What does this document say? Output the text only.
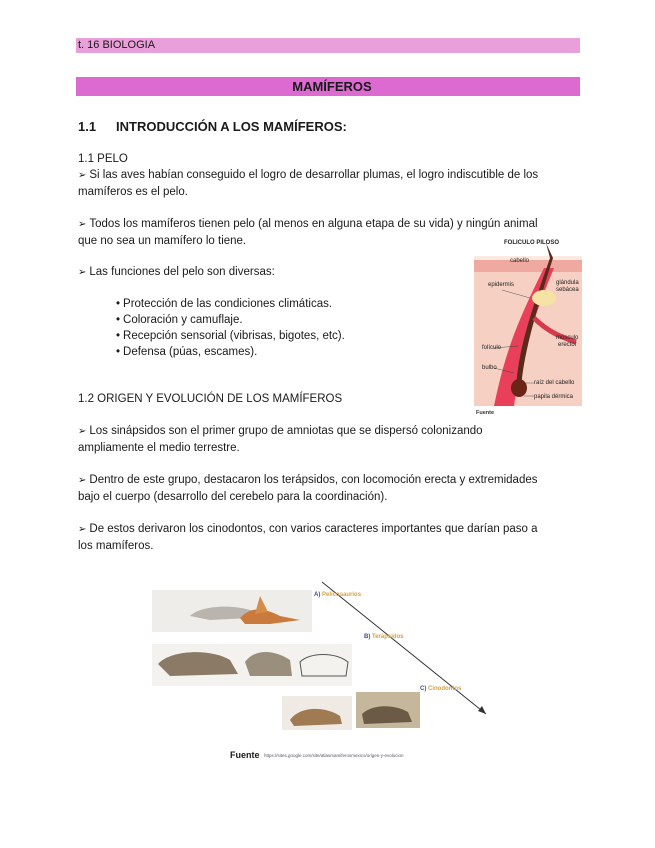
t. 16 BIOLOGIA
MAMÍFEROS
1.1 INTRODUCCIÓN A LOS MAMÍFEROS:
1.1 PELO
➢ Si las aves habían conseguido el logro de desarrollar plumas, el logro indiscutible de los
mamíferos es el pelo.
➢ Todos los mamíferos tienen pelo (al menos en alguna etapa de su vida) y ningún animal
que no sea un mamífero lo tiene.
➢ Las funciones del pelo son diversas:
• Protección de las condiciones climáticas.
• Coloración y camuflaje.
• Recepción sensorial (vibrisas, bigotes, etc).
• Defensa (púas, escames).
FOLICULO PILOSO
cabello
epidermis	glándula
sebácea
músculo
erector
folículo
bulbo
raíz del cabello
papila dérmica
Fuente
1.2 ORIGEN Y EVOLUCIÓN DE LOS MAMÍFEROS
➢ Los sinápsidos son el primer grupo de amniotas que se dispersó colonizando
ampliamente el medio terrestre.
➢ Dentro de este grupo, destacaron los terápsidos, con locomoción erecta y extremidades
bajo el cuerpo (desarrollo del cerebelo para la coordinación).
➢ De estos derivaron los cinodontos, con varios caracteres importantes que darían paso a
los mamíferos.
A) Pelicosaurios
B) Terápsidos
C) Cinodontos
Fuente https://sites.google.com/site/atlasmamiferosmexico/origen-y-evolucion
